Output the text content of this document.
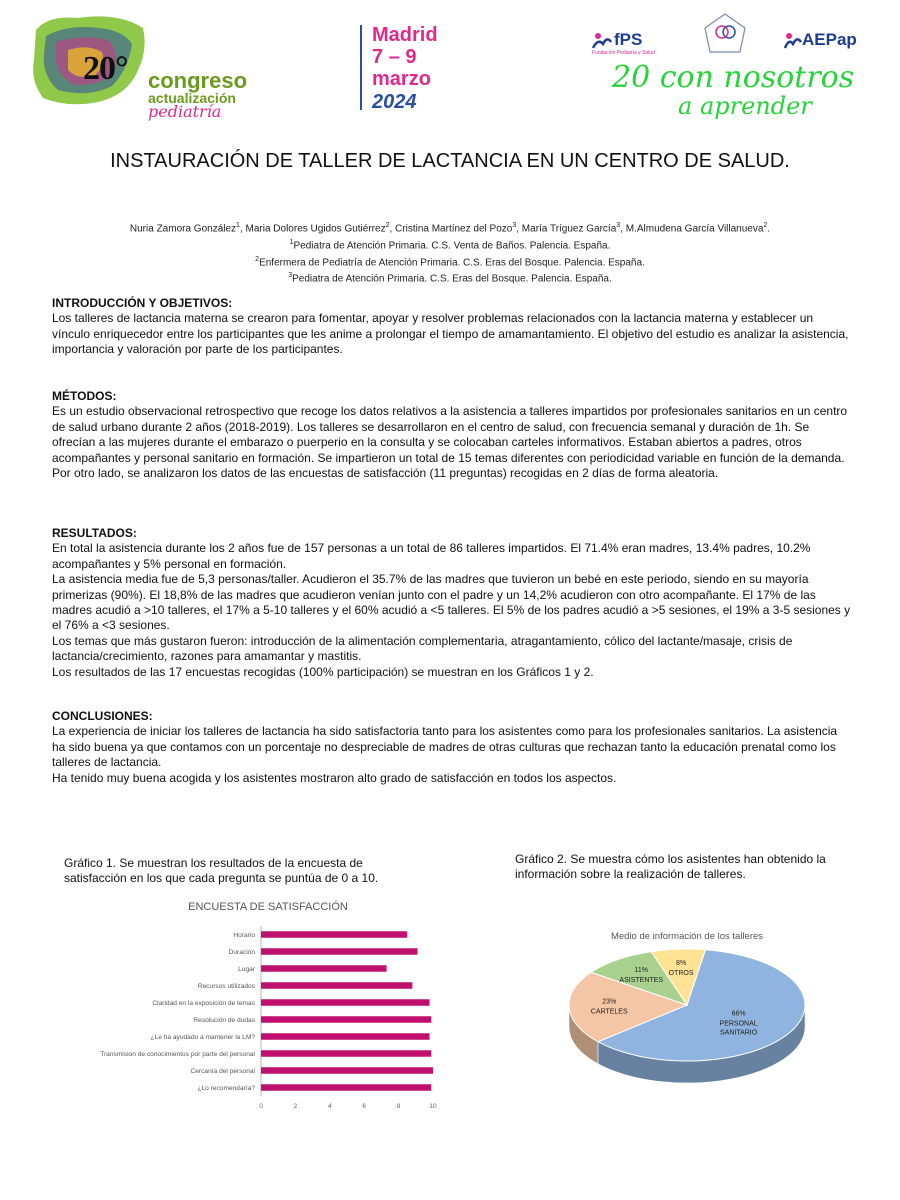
20° congreso
actualización
pediatría
Madrid
7 – 9
marzo
2024
fPS
Fundación Pediatría y Salud
AEPap
20 con nosotros
a aprender
INSTAURACIÓN DE TALLER DE LACTANCIA EN UN CENTRO DE SALUD.
Nuria Zamora González$^1$, Maria Dolores Ugidos Gutiérrez$^2$, Cristina Martínez del Pozo$^3$, María Tríguez García$^3$, M.Almudena García Villanueva$^2$.
$^1$Pediatra de Atención Primaria. C.S. Venta de Baños. Palencia. España.
$^2$Enfermera de Pediatría de Atención Primaria. C.S. Eras del Bosque. Palencia. España.
$^3$Pediatra de Atención Primaria. C.S. Eras del Bosque. Palencia. España.
INTRODUCCIÓN Y OBJETIVOS:

Los talleres de lactancia materna se crearon para fomentar, apoyar y resolver problemas relacionados con la lactancia materna y establecer un vínculo enriquecedor entre los participantes que les anime a prolongar el tiempo de amamantamiento. El objetivo del estudio es analizar la asistencia, importancia y valoración por parte de los participantes.

MÉTODOS:

Es un estudio observacional retrospectivo que recoge los datos relativos a la asistencia a talleres impartidos por profesionales sanitarios en un centro de salud urbano durante 2 años (2018-2019). Los talleres se desarrollaron en el centro de salud, con frecuencia semanal y duración de 1h. Se ofrecían a las mujeres durante el embarazo o puerperio en la consulta y se colocaban carteles informativos. Estaban abiertos a padres, otros acompañantes y personal sanitario en formación. Se impartieron un total de 15 temas diferentes con periodicidad variable en función de la demanda. Por otro lado, se analizaron los datos de las encuestas de satisfacción (11 preguntas) recogidas en 2 días de forma aleatoria.

RESULTADOS:

En total la asistencia durante los 2 años fue de 157 personas a un total de 86 talleres impartidos. El 71.4% eran madres, 13.4% padres, 10.2% acompañantes y 5% personal en formación.

La asistencia media fue de 5,3 personas/taller. Acudieron el 35.7% de las madres que tuvieron un bebé en este periodo, siendo en su mayoría primerizas (90%). El 18,8% de las madres que acudieron venían junto con el padre y un 14,2% acudieron con otro acompañante. El 17% de las madres acudió a >10 talleres, el 17% a 5-10 talleres y el 60% acudió a <5 talleres. El 5% de los padres acudió a >5 sesiones, el 19% a 3-5 sesiones y el 76% a <3 sesiones.

Los temas que más gustaron fueron: introducción de la alimentación complementaria, atragantamiento, cólico del lactante/masaje, crisis de lactancia/crecimiento, razones para amamantar y mastitis.

Los resultados de las 17 encuestas recogidas (100% participación) se muestran en los Gráficos 1 y 2.

CONCLUSIONES:

La experiencia de iniciar los talleres de lactancia ha sido satisfactoria tanto para los asistentes como para los profesionales sanitarios. La asistencia ha sido buena ya que contamos con un porcentaje no despreciable de madres de otras culturas que rechazan tanto la educación prenatal como los talleres de lactancia.

Ha tenido muy buena acogida y los asistentes mostraron alto grado de satisfacción en todos los aspectos.

Gráfico 1. Se muestran los resultados de la encuesta de satisfacción en los que cada pregunta se puntúa de 0 a 10.
Gráfico 2. Se muestra cómo los asistentes han obtenido la información sobre la realización de talleres.
ENCUESTA DE SATISFACCIÓN
Horario
Duración
Lugar
Recursos utilizados
Claridad en la exposición de temas
Resolución de dudas
¿Le ha ayudado a mantener la LM?
Transmision de conocimientos por parte del personal
Cercanía del personal
¿Lo recomendaría?
0	2	4	6	8	10
Medio de información de los talleres
66%
PERSONAL
SANITARIO
23%
CARTELES
11%
ASISTENTES
8%
OTROS
